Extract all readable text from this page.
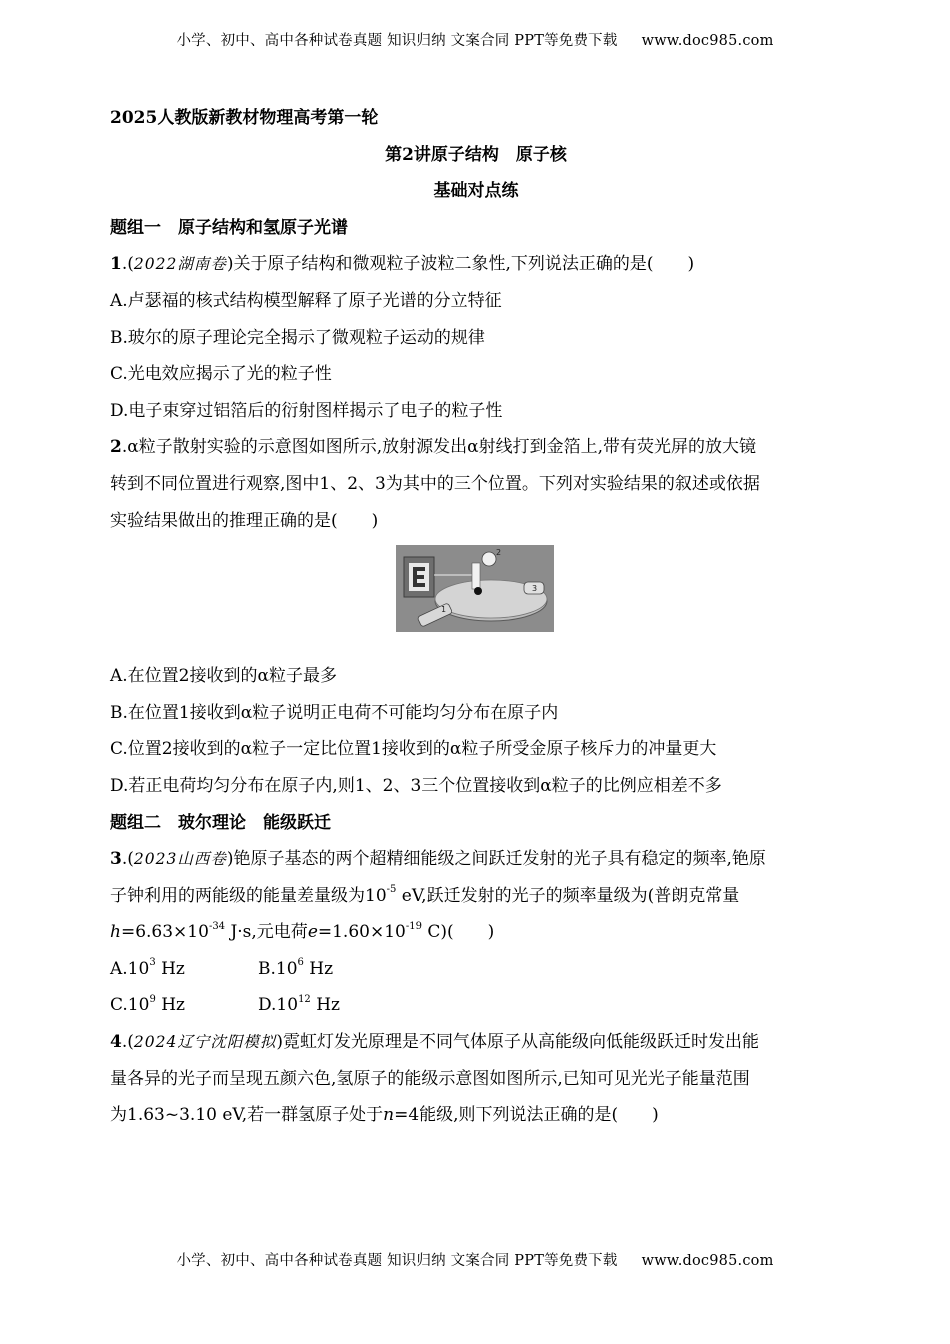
小学、初中、高中各种试卷真题 知识归纳 文案合同 PPT等免费下载 www.doc985.com
2025人教版新教材物理高考第一轮
第2讲原子结构　原子核
基础对点练
题组一　原子结构和氢原子光谱
1.(2022湖南卷)关于原子结构和微观粒子波粒二象性,下列说法正确的是(　　)
A.卢瑟福的核式结构模型解释了原子光谱的分立特征
B.玻尔的原子理论完全揭示了微观粒子运动的规律
C.光电效应揭示了光的粒子性
D.电子束穿过铝箔后的衍射图样揭示了电子的粒子性
2.α粒子散射实验的示意图如图所示,放射源发出α射线打到金箔上,带有荧光屏的放大镜
转到不同位置进行观察,图中1、2、3为其中的三个位置。下列对实验结果的叙述或依据
实验结果做出的推理正确的是(　　)
2
3
1
A.在位置2接收到的α粒子最多
B.在位置1接收到α粒子说明正电荷不可能均匀分布在原子内
C.位置2接收到的α粒子一定比位置1接收到的α粒子所受金原子核斥力的冲量更大
D.若正电荷均匀分布在原子内,则1、2、3三个位置接收到α粒子的比例应相差不多
题组二　玻尔理论　能级跃迁
3.(2023山西卷)铯原子基态的两个超精细能级之间跃迁发射的光子具有稳定的频率,铯原
子钟利用的两能级的能量差量级为$10^{-5}$ eV,跃迁发射的光子的频率量级为(普朗克常量
$h=6.63\times 10^{-34}$ J·s,元电荷$e=1.60\times 10^{-19}$ C)(　　)
$A.10^3$ Hz	$B.10^6$ Hz
$C.10^9$ Hz	$D.10^{12}$ Hz
4.(2024辽宁沈阳模拟)霓虹灯发光原理是不同气体原子从高能级向低能级跃迁时发出能
量各异的光子而呈现五颜六色,氢原子的能级示意图如图所示,已知可见光光子能量范围
为1.63~3.10 eV,若一群氢原子处于n=4能级,则下列说法正确的是(　　)
小学、初中、高中各种试卷真题 知识归纳 文案合同 PPT等免费下载 www.doc985.com
